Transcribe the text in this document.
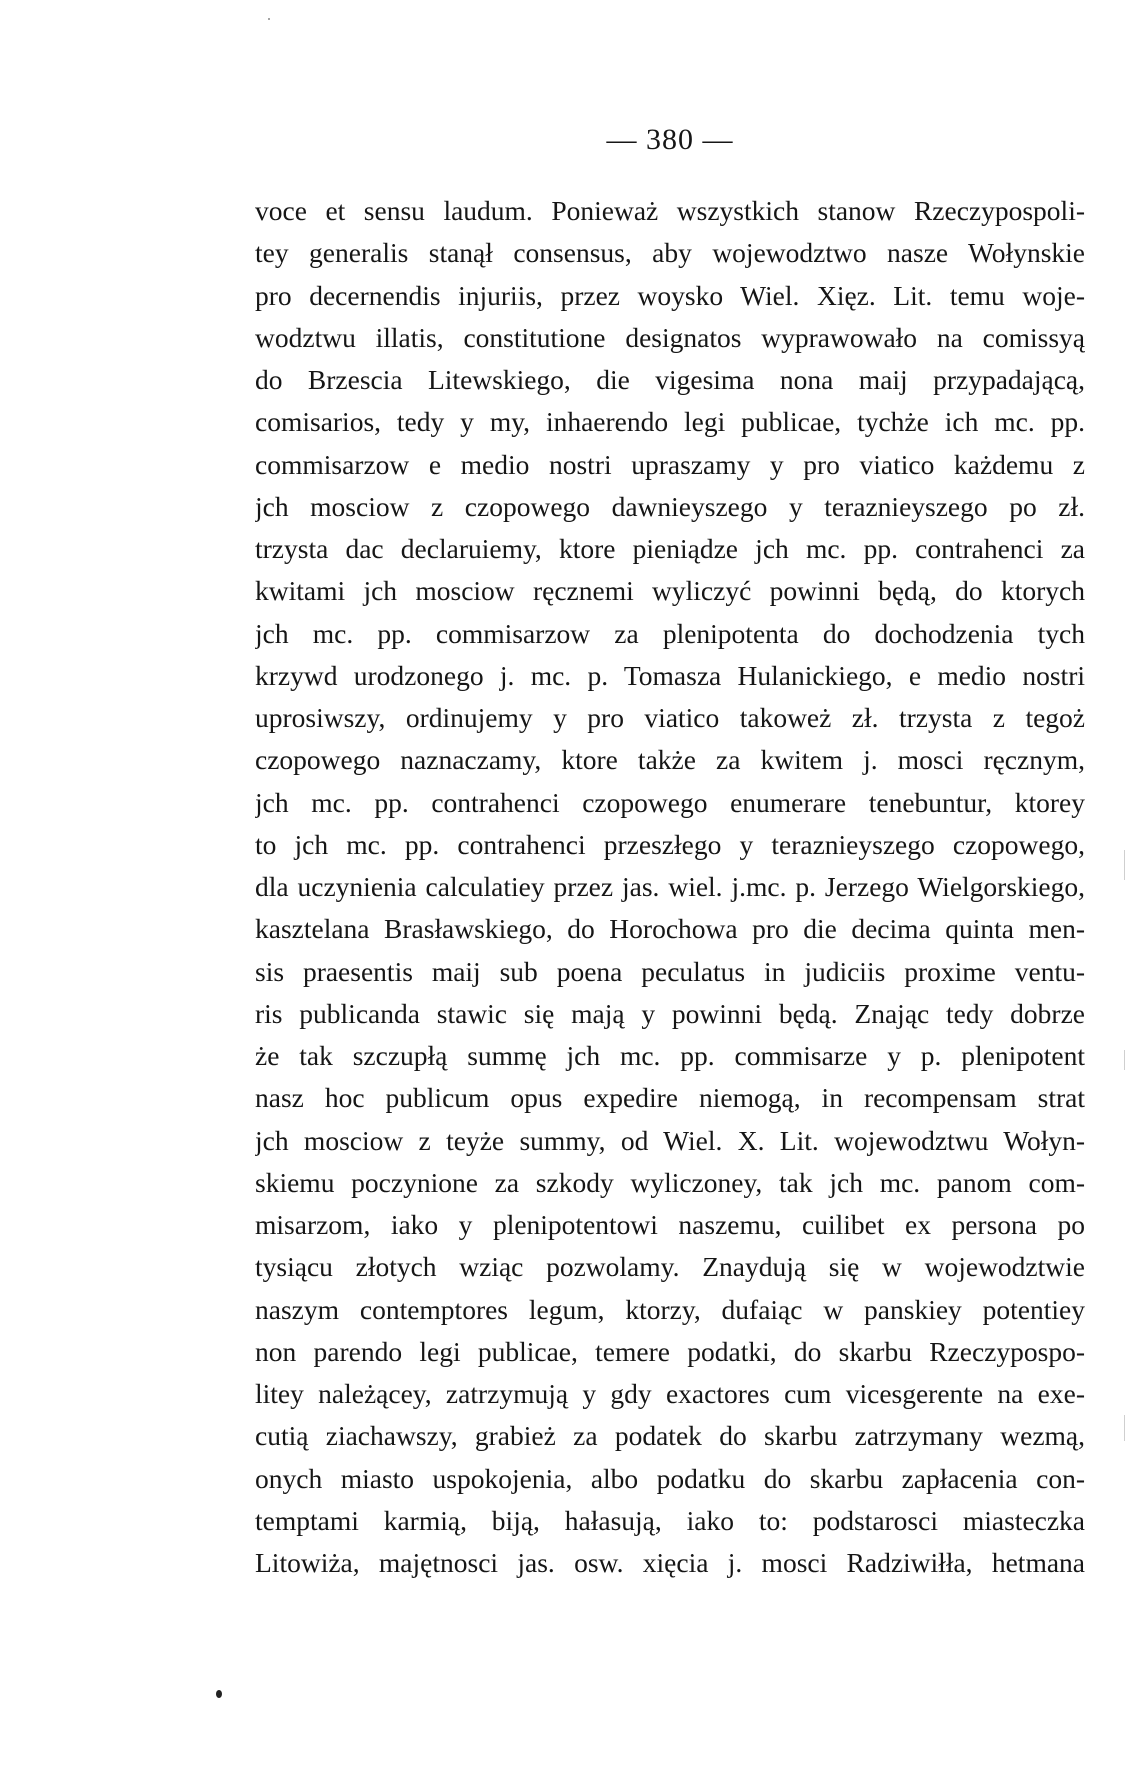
— 380 —
voce et sensu laudum. Ponieważ wszystkich stanow Rzeczypospoli-
tey generalis stanął consensus, aby wojewodztwo nasze Wołynskie
pro decernendis injuriis, przez woysko Wiel. Xięz. Lit. temu woje-
wodztwu illatis, constitutione designatos wyprawowało na comissyą
do Brzescia Litewskiego, die vigesima nona maij przypadającą,
comisarios, tedy y my, inhaerendo legi publicae, tychże ich mc. pp.
commisarzow e medio nostri upraszamy y pro viatico każdemu z
jch mosciow z czopowego dawnieyszego y teraznieyszego po zł.
trzysta dac declaruiemy, ktore pieniądze jch mc. pp. contrahenci za
kwitami jch mosciow ręcznemi wyliczyć powinni będą, do ktorych
jch mc. pp. commisarzow za plenipotenta do dochodzenia tych
krzywd urodzonego j. mc. p. Tomasza Hulanickiego, e medio nostri
uprosiwszy, ordinujemy y pro viatico takoweż zł. trzysta z tegoż
czopowego naznaczamy, ktore także za kwitem j. mosci ręcznym,
jch mc. pp. contrahenci czopowego enumerare tenebuntur, ktorey
to jch mc. pp. contrahenci przeszłego y teraznieyszego czopowego,
dla uczynienia calculatiey przez jas. wiel. j.mc. p. Jerzego Wielgorskiego,
kasztelana Brasławskiego, do Horochowa pro die decima quinta men-
sis praesentis maij sub poena peculatus in judiciis proxime ventu-
ris publicanda stawic się mają y powinni będą. Znając tedy dobrze
że tak szczupłą summę jch mc. pp. commisarze y p. plenipotent
nasz hoc publicum opus expedire niemogą, in recompensam strat
jch mosciow z teyże summy, od Wiel. X. Lit. wojewodztwu Wołyn-
skiemu poczynione za szkody wyliczoney, tak jch mc. panom com-
misarzom, iako y plenipotentowi naszemu, cuilibet ex persona po
tysiącu złotych wziąc pozwolamy. Znaydują się w wojewodztwie
naszym contemptores legum, ktorzy, dufaiąc w panskiey potentiey
non parendo legi publicae, temere podatki, do skarbu Rzeczypospo-
litey należącey, zatrzymują y gdy exactores cum vicesgerente na exe-
cutią ziachawszy, grabież za podatek do skarbu zatrzymany wezmą,
onych miasto uspokojenia, albo podatku do skarbu zapłacenia con-
temptami karmią, biją, hałasują, iako to: podstarosci miasteczka
Litowiża, majętnosci jas. osw. xięcia j. mosci Radziwiłła, hetmana
